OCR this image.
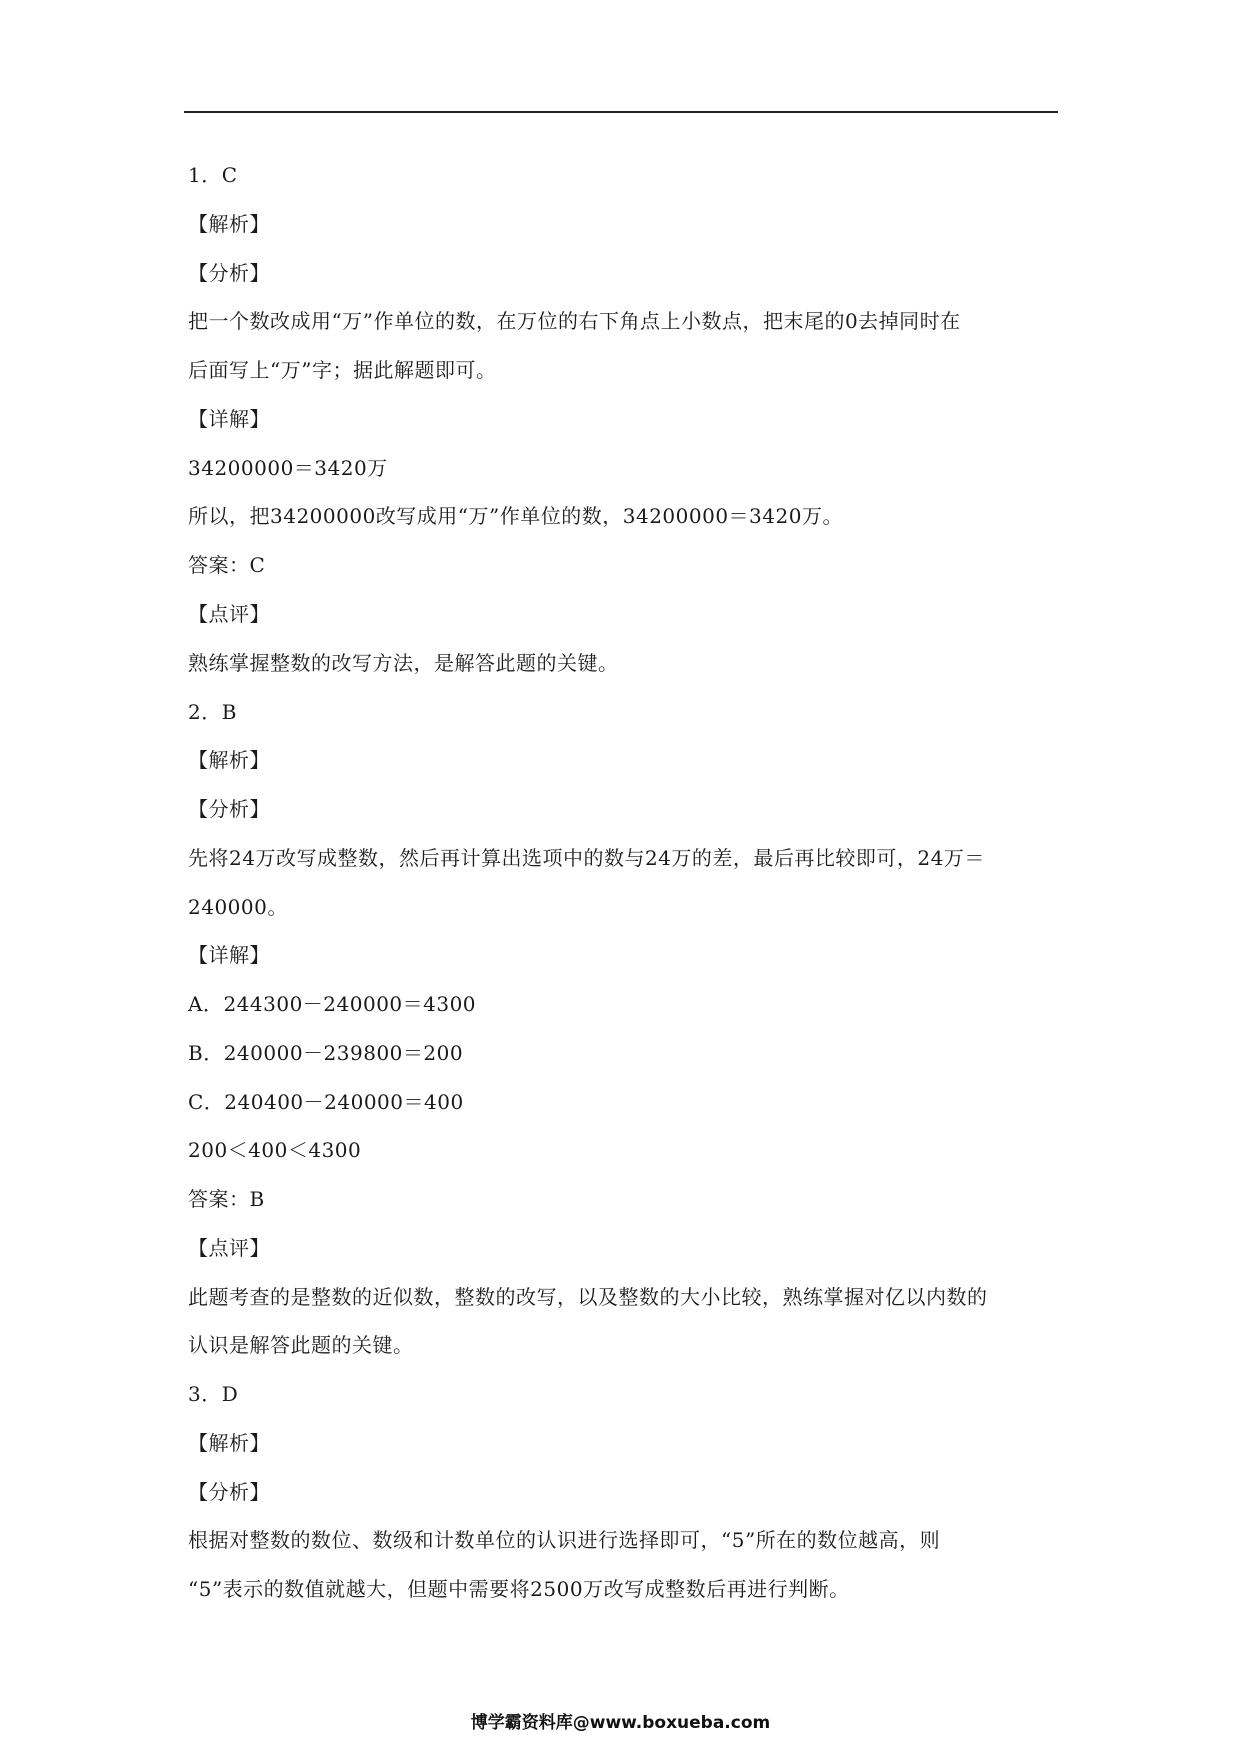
1．C
【解析】
【分析】
把一个数改成用“万”作单位的数，在万位的右下角点上小数点，把末尾的0去掉同时在
后面写上“万”字；据此解题即可。
【详解】
34200000＝3420万
所以，把34200000改写成用“万”作单位的数，34200000＝3420万。
答案：C
【点评】
熟练掌握整数的改写方法，是解答此题的关键。
2．B
【解析】
【分析】
先将24万改写成整数，然后再计算出选项中的数与24万的差，最后再比较即可，24万＝
240000。
【详解】
A．244300－240000＝4300
B．240000－239800＝200
C．240400－240000＝400
200＜400＜4300
答案：B
【点评】
此题考查的是整数的近似数，整数的改写，以及整数的大小比较，熟练掌握对亿以内数的
认识是解答此题的关键。
3．D
【解析】
【分析】
根据对整数的数位、数级和计数单位的认识进行选择即可，“5”所在的数位越高，则
“5”表示的数值就越大，但题中需要将2500万改写成整数后再进行判断。
博学霸资料库@www.boxueba.com
